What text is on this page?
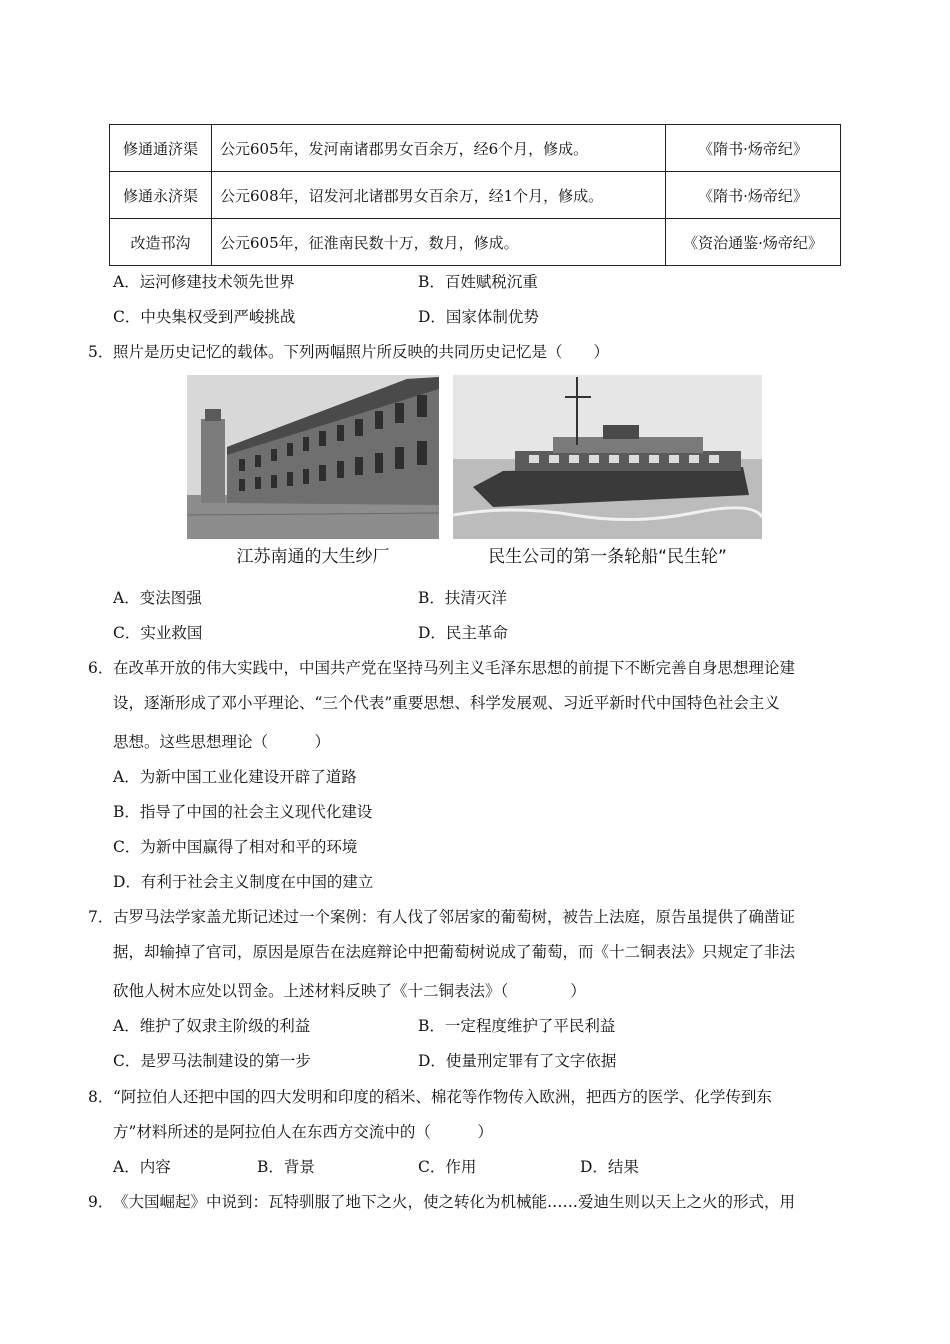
修通通济渠	公元605年，发河南诸郡男女百余万，经6个月，修成。	《隋书·炀帝纪》
修通永济渠	公元608年，诏发河北诸郡男女百余万，经1个月，修成。	《隋书·炀帝纪》
改造邗沟	公元605年，征淮南民数十万，数月，修成。	《资治通鉴·炀帝纪》
A．运河修建技术领先世界	B．百姓赋税沉重
C．中央集权受到严峻挑战	D．国家体制优势
5． 照片是历史记忆的载体。下列两幅照片所反映的共同历史记忆是（　　）
江苏南通的大生纱厂	民生公司的第一条轮船“民生轮”
A．变法图强	B．扶清灭洋
C．实业救国	D．民主革命
6． 在改革开放的伟大实践中，中国共产党在坚持马列主义毛泽东思想的前提下不断完善自身思想理论建
设，逐渐形成了邓小平理论、“三个代表”重要思想、科学发展观、习近平新时代中国特色社会主义
思想。这些思想理论（　　　）
A．为新中国工业化建设开辟了道路
B．指导了中国的社会主义现代化建设
C．为新中国赢得了相对和平的环境
D．有利于社会主义制度在中国的建立
7． 古罗马法学家盖尤斯记述过一个案例：有人伐了邻居家的葡萄树，被告上法庭，原告虽提供了确凿证
据，却输掉了官司，原因是原告在法庭辩论中把葡萄树说成了葡萄，而《十二铜表法》只规定了非法
砍他人树木应处以罚金。上述材料反映了《十二铜表法》（　　　　）
A．维护了奴隶主阶级的利益	B．一定程度维护了平民利益
C．是罗马法制建设的第一步	D．使量刑定罪有了文字依据
8． “阿拉伯人还把中国的四大发明和印度的稻米、棉花等作物传入欧洲，把西方的医学、化学传到东
方”材料所述的是阿拉伯人在东西方交流中的（　　　）
A．内容	B．背景	C．作用	D．结果
9． 《大国崛起》中说到：瓦特驯服了地下之火，使之转化为机械能……爱迪生则以天上之火的形式，用
